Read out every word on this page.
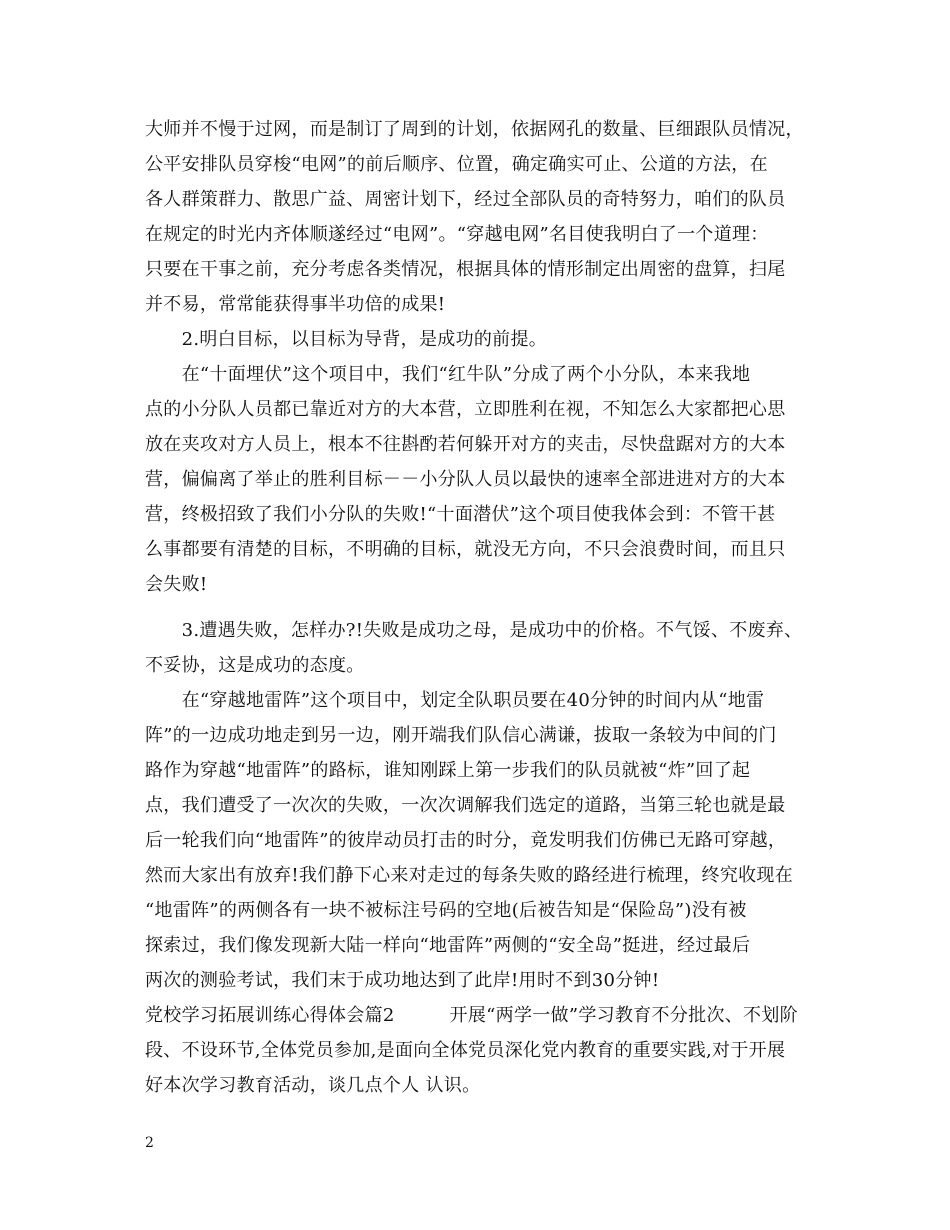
大师并不慢于过网，而是制订了周到的计划，依据网孔的数量、巨细跟队员情况，
公平安排队员穿梭“电网”的前后顺序、位置，确定确实可止、公道的方法，在
各人群策群力、散思广益、周密计划下，经过全部队员的奇特努力，咱们的队员
在规定的时光内齐体顺遂经过“电网”。“穿越电网”名目使我明白了一个道理：
只要在干事之前，充分考虑各类情况，根据具体的情形制定出周密的盘算，扫尾
并不易，常常能获得事半功倍的成果!
　　2.明白目标，以目标为导背，是成功的前提。
　　在“十面埋伏”这个项目中，我们“红牛队”分成了两个小分队，本来我地
点的小分队人员都已靠近对方的大本营，立即胜利在视，不知怎么大家都把心思
放在夹攻对方人员上，根本不往斟酌若何躲开对方的夹击，尽快盘踞对方的大本
营，偏偏离了举止的胜利目标－－小分队人员以最快的速率全部进进对方的大本
营，终极招致了我们小分队的失败!“十面潜伏”这个项目使我体会到：不管干甚
么事都要有清楚的目标，不明确的目标，就没无方向，不只会浪费时间，而且只
会失败!
　　3.遭遇失败，怎样办?!失败是成功之母，是成功中的价格。不气馁、不废弃、
不妥协，这是成功的态度。
　　在“穿越地雷阵”这个项目中，划定全队职员要在40分钟的时间内从“地雷
阵”的一边成功地走到另一边，刚开端我们队信心满谦，拔取一条较为中间的门
路作为穿越“地雷阵”的路标，谁知刚踩上第一步我们的队员就被“炸”回了起
点，我们遭受了一次次的失败，一次次调解我们选定的道路，当第三轮也就是最
后一轮我们向“地雷阵”的彼岸动员打击的时分，竟发明我们仿佛已无路可穿越，
然而大家出有放弃!我们静下心来对走过的每条失败的路经进行梳理，终究收现在
“地雷阵”的两侧各有一块不被标注号码的空地(后被告知是“保险岛”)没有被
探索过，我们像发现新大陆一样向“地雷阵”两侧的“安全岛”挺进，经过最后
两次的测验考试，我们末于成功地达到了此岸!用时不到30分钟!
党校学习拓展训练心得体会篇2　　　开展“两学一做”学习教育不分批次、不划阶
段、不设环节,全体党员参加,是面向全体党员深化党内教育的重要实践,对于开展
好本次学习教育活动，谈几点个人 认识。
2
